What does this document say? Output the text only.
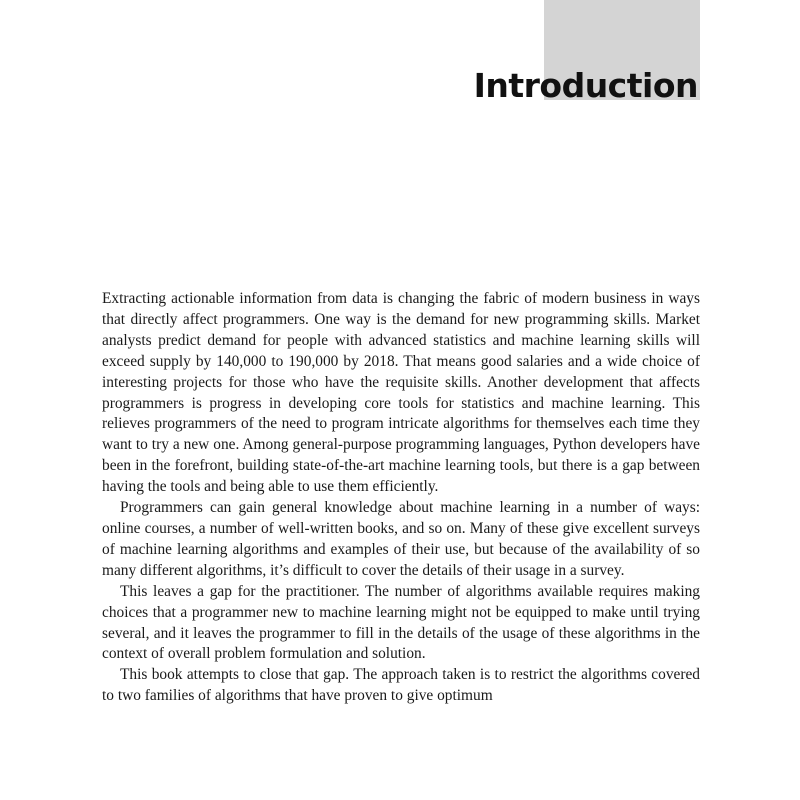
Introduction

Extracting actionable information from data is changing the fabric of modern business in ways that directly affect programmers. One way is the demand for new programming skills. Market analysts predict demand for people with advanced statistics and machine learning skills will exceed supply by 140,000 to 190,000 by 2018. That means good salaries and a wide choice of interesting projects for those who have the requisite skills. Another development that affects programmers is progress in developing core tools for statistics and machine learning. This relieves programmers of the need to program intricate algorithms for themselves each time they want to try a new one. Among general-purpose programming languages, Python developers have been in the forefront, building state-of-the-art machine learning tools, but there is a gap between having the tools and being able to use them efficiently.

Programmers can gain general knowledge about machine learning in a number of ways: online courses, a number of well-written books, and so on. Many of these give excellent surveys of machine learning algorithms and examples of their use, but because of the availability of so many different algorithms, it’s difficult to cover the details of their usage in a survey.

This leaves a gap for the practitioner. The number of algorithms available requires making choices that a programmer new to machine learning might not be equipped to make until trying several, and it leaves the programmer to fill in the details of the usage of these algorithms in the context of overall problem formulation and solution.

This book attempts to close that gap. The approach taken is to restrict the algorithms covered to two families of algorithms that have proven to give optimum
